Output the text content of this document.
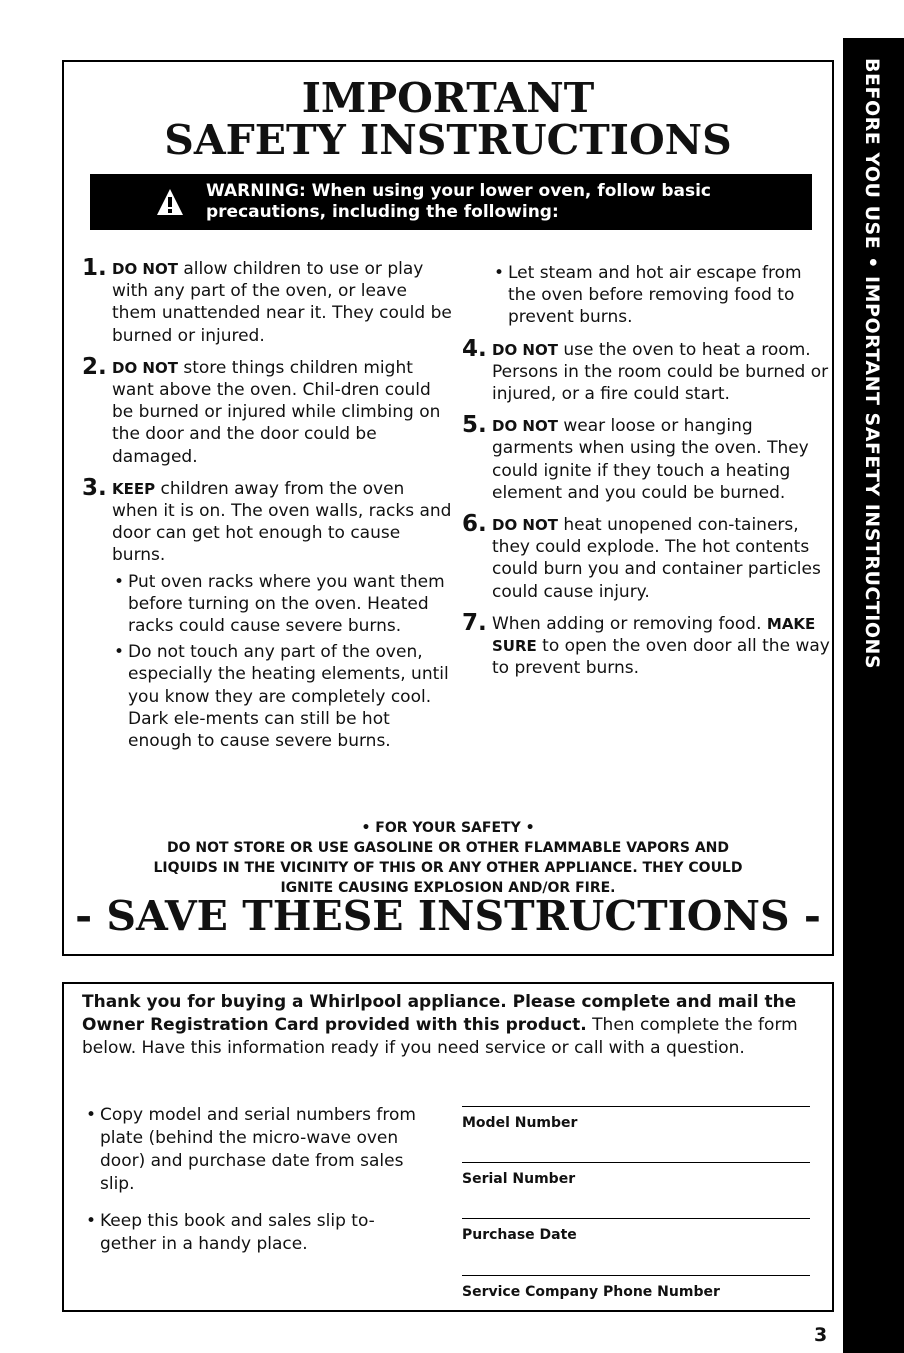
BEFORE YOU USE • IMPORTANT SAFETY INSTRUCTIONS
IMPORTANT
SAFETY INSTRUCTIONS
WARNING: When using your lower oven, follow basic
precautions, including the following:
1. DO NOT allow children to use or play with any part of the oven, or leave them unattended near it. They could be burned or injured.
2. DO NOT store things children might want above the oven. Chil-dren could be burned or injured while climbing on the door and the door could be damaged.
3. KEEP children away from the oven when it is on. The oven walls, racks and door can get hot enough to cause burns.
• Put oven racks where you want them before turning on the oven. Heated racks could cause severe burns.
• Do not touch any part of the oven, especially the heating elements, until you know they are completely cool. Dark ele-ments can still be hot enough to cause severe burns.
• Let steam and hot air escape from the oven before removing food to prevent burns.
4. DO NOT use the oven to heat a room. Persons in the room could be burned or injured, or a fire could start.
5. DO NOT wear loose or hanging garments when using the oven. They could ignite if they touch a heating element and you could be burned.
6. DO NOT heat unopened con-tainers, they could explode. The hot contents could burn you and container particles could cause injury.
7. When adding or removing food. MAKE SURE to open the oven door all the way to prevent burns.
• FOR YOUR SAFETY •
DO NOT STORE OR USE GASOLINE OR OTHER FLAMMABLE VAPORS AND
LIQUIDS IN THE VICINITY OF THIS OR ANY OTHER APPLIANCE. THEY COULD
IGNITE CAUSING EXPLOSION AND/OR FIRE.
- SAVE THESE INSTRUCTIONS -
Thank you for buying a Whirlpool appliance. Please complete and mail the Owner Registration Card provided with this product. Then complete the form below. Have this information ready if you need service or call with a question.
• Copy model and serial numbers from plate (behind the micro-wave oven door) and purchase date from sales slip.
• Keep this book and sales slip to-gether in a handy place.
Model Number
Serial Number
Purchase Date
Service Company Phone Number
3
